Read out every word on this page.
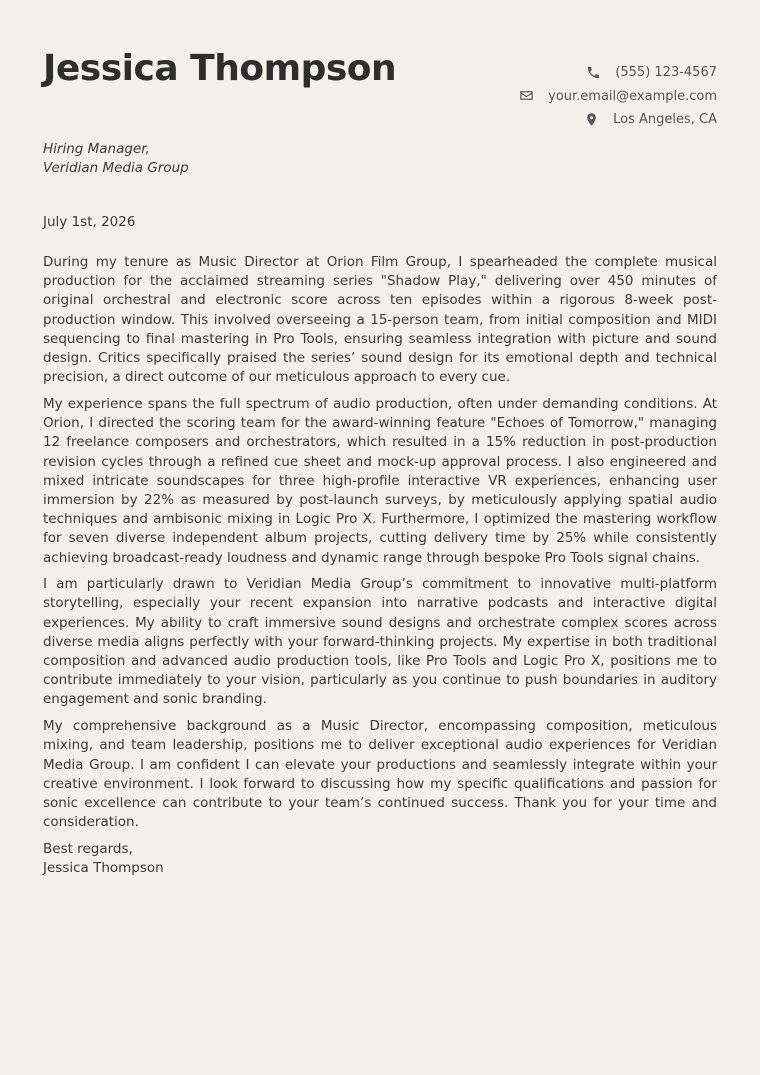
Jessica Thompson	(555) 123-4567
your.email@example.com
Los Angeles, CA
Hiring Manager,
Veridian Media Group
July 1st, 2026

During my tenure as Music Director at Orion Film Group, I spearheaded the complete musical production for the acclaimed streaming series "Shadow Play," delivering over 450 minutes of original orchestral and electronic score across ten episodes within a rigorous 8-week post-production window. This involved overseeing a 15-person team, from initial composition and MIDI sequencing to final mastering in Pro Tools, ensuring seamless integration with picture and sound design. Critics specifically praised the series’ sound design for its emotional depth and technical precision, a direct outcome of our meticulous approach to every cue.

My experience spans the full spectrum of audio production, often under demanding conditions. At Orion, I directed the scoring team for the award-winning feature "Echoes of Tomorrow," managing 12 freelance composers and orchestrators, which resulted in a 15% reduction in post-production revision cycles through a refined cue sheet and mock-up approval process. I also engineered and mixed intricate soundscapes for three high-profile interactive VR experiences, enhancing user immersion by 22% as measured by post-launch surveys, by meticulously applying spatial audio techniques and ambisonic mixing in Logic Pro X. Furthermore, I optimized the mastering workflow for seven diverse independent album projects, cutting delivery time by 25% while consistently achieving broadcast-ready loudness and dynamic range through bespoke Pro Tools signal chains.

I am particularly drawn to Veridian Media Group’s commitment to innovative multi-platform storytelling, especially your recent expansion into narrative podcasts and interactive digital experiences. My ability to craft immersive sound designs and orchestrate complex scores across diverse media aligns perfectly with your forward-thinking projects. My expertise in both traditional composition and advanced audio production tools, like Pro Tools and Logic Pro X, positions me to contribute immediately to your vision, particularly as you continue to push boundaries in auditory engagement and sonic branding.

My comprehensive background as a Music Director, encompassing composition, meticulous mixing, and team leadership, positions me to deliver exceptional audio experiences for Veridian Media Group. I am confident I can elevate your productions and seamlessly integrate within your creative environment. I look forward to discussing how my specific qualifications and passion for sonic excellence can contribute to your team’s continued success. Thank you for your time and consideration.

Best regards,
Jessica Thompson
